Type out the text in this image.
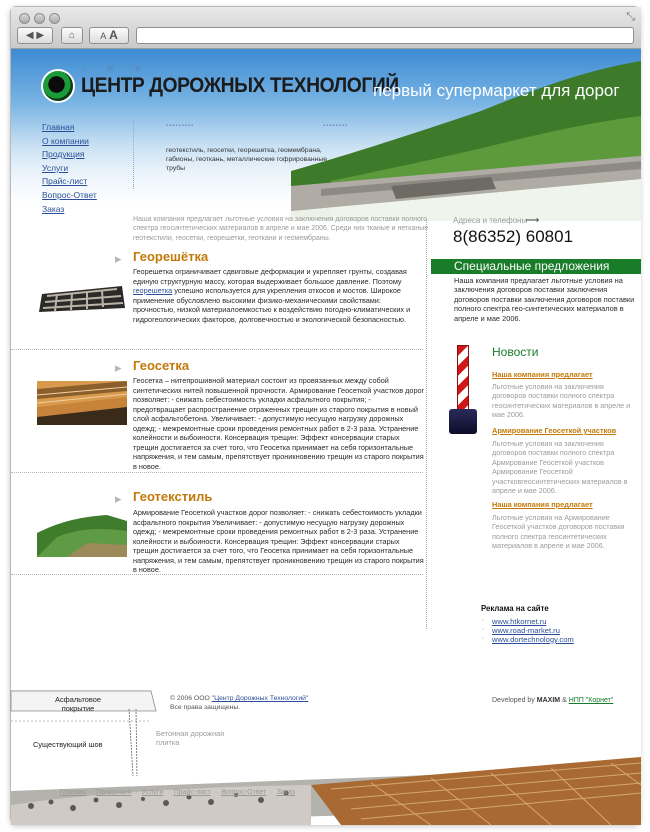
⤡
◀ ▶	⌂	A A
⌂✉⚲
ЦЕНТР ДОРОЖНЫХ ТЕХНОЛОГИЙ
первый супермаркет для дорог
Главная
О компании
Продукция
Услуги
Прайс-лист
Вопрос-Ответ
Заказ
▪▪▪▪▪▪▪▪▪	▪▪▪▪▪▪▪▪
геотекстиль, геосетки, георешетка, геомембрана, габионы, геоткань, металлические гофрированные трубы
Наша компания предлагает льготные условия на заключения договоров поставки полного спектра геосинтетических материалов в апреле и мае 2006. Среди них тканые и нетканые геотекстили, геосетки, георешетки, геоткани и геомембраны.
Адреса и телефоны
⟶
8(86352) 60801
▸ Георешётка
Георешетка ограничивает сдвиговые деформации и укрепляет грунты, создавая единую структурную массу, которая выдерживает большое давление. Поэтому георешетка успешно используется для укрепления откосов и мостов. Широкое применение обусловлено высокими физико-механическими свойствами: прочностью, низкой материалоемкостью к воздействию погодно-климатических и гидрогеологических факторов, долговечностью и экологической безопасностью.
▸ Геосетка
Геосетка – нитепрошивной материал состоит из провязанных между собой синтетических нитей повышенной прочности. Армирование Геосеткой участков дорог позволяет: - снижать себестоимость укладки асфальтного покрытия; - предотвращает распространение отраженных трещин из старого покрытия в новый слой асфальтобетона. Увеличивает: - допустимую несущую нагрузку дорожных одежд; - межремонтные сроки проведения ремонтных работ в 2-3 раза. Устранение колейности и выбоиности. Консервация трещин: Эффект консервации старых трещин достигается за счет того, что Геосетка принимает на себя горизонтальные напряжения, и тем самым, препятствует проникновению трещин из старого покрытия в новое.
▸ Геотекстиль
Армирование Геосеткой участков дорог позволяет: - снижать себестоимость укладки асфальтного покрытия Увеличивает: - допустимую несущую нагрузку дорожных одежд; - межремонтные сроки проведения ремонтных работ в 2-3 раза. Устранение колейности и выбоиности. Консервация трещин: Эффект консервации старых трещин достигается за счет того, что Геосетка принимает на себя горизонтальные напряжения, и тем самым, препятствует проникновению трещин из старого покрытия в новое.
Специальные предложения
Наша компания предлагает льготные условия на заключения договоров поставки заключения договоров поставки заключения договоров поставки полного спектра гео-синтетических материалов в апреле и мае 2006.
Новости
Наша компания предлагает
Льготные условия на заключения договоров поставки полного спектра геосинтетических материалов в апреле и мае 2006.
Армирование Геосеткой участков
Льготные условия на заключения договоров поставки полного спектра Армирование Геосеткой участков Армирование Геосеткой участковгеосинтетических материалов в апреле и мае 2006.
Наша компания предлагает
Льготные условия на Армирование Геосеткой участков договоров поставки полного спектра геосинтетических материалов в апреле и мае 2006.
Реклама на сайте
◦ www.htkornet.ru
◦ www.road-market.ru
◦ www.dortechnology.com
Асфальтовое покрытие
Существующий шов
Бетонная дорожная плитка
© 2006 ООО "Центр Дорожных Технологий"
Все права защищены.
Developed by MAXIM & НПП "Корнет"
· Главная · Продукция · Услуги · Прайс-лист · Вопрос-Ответ · Заказ ·
